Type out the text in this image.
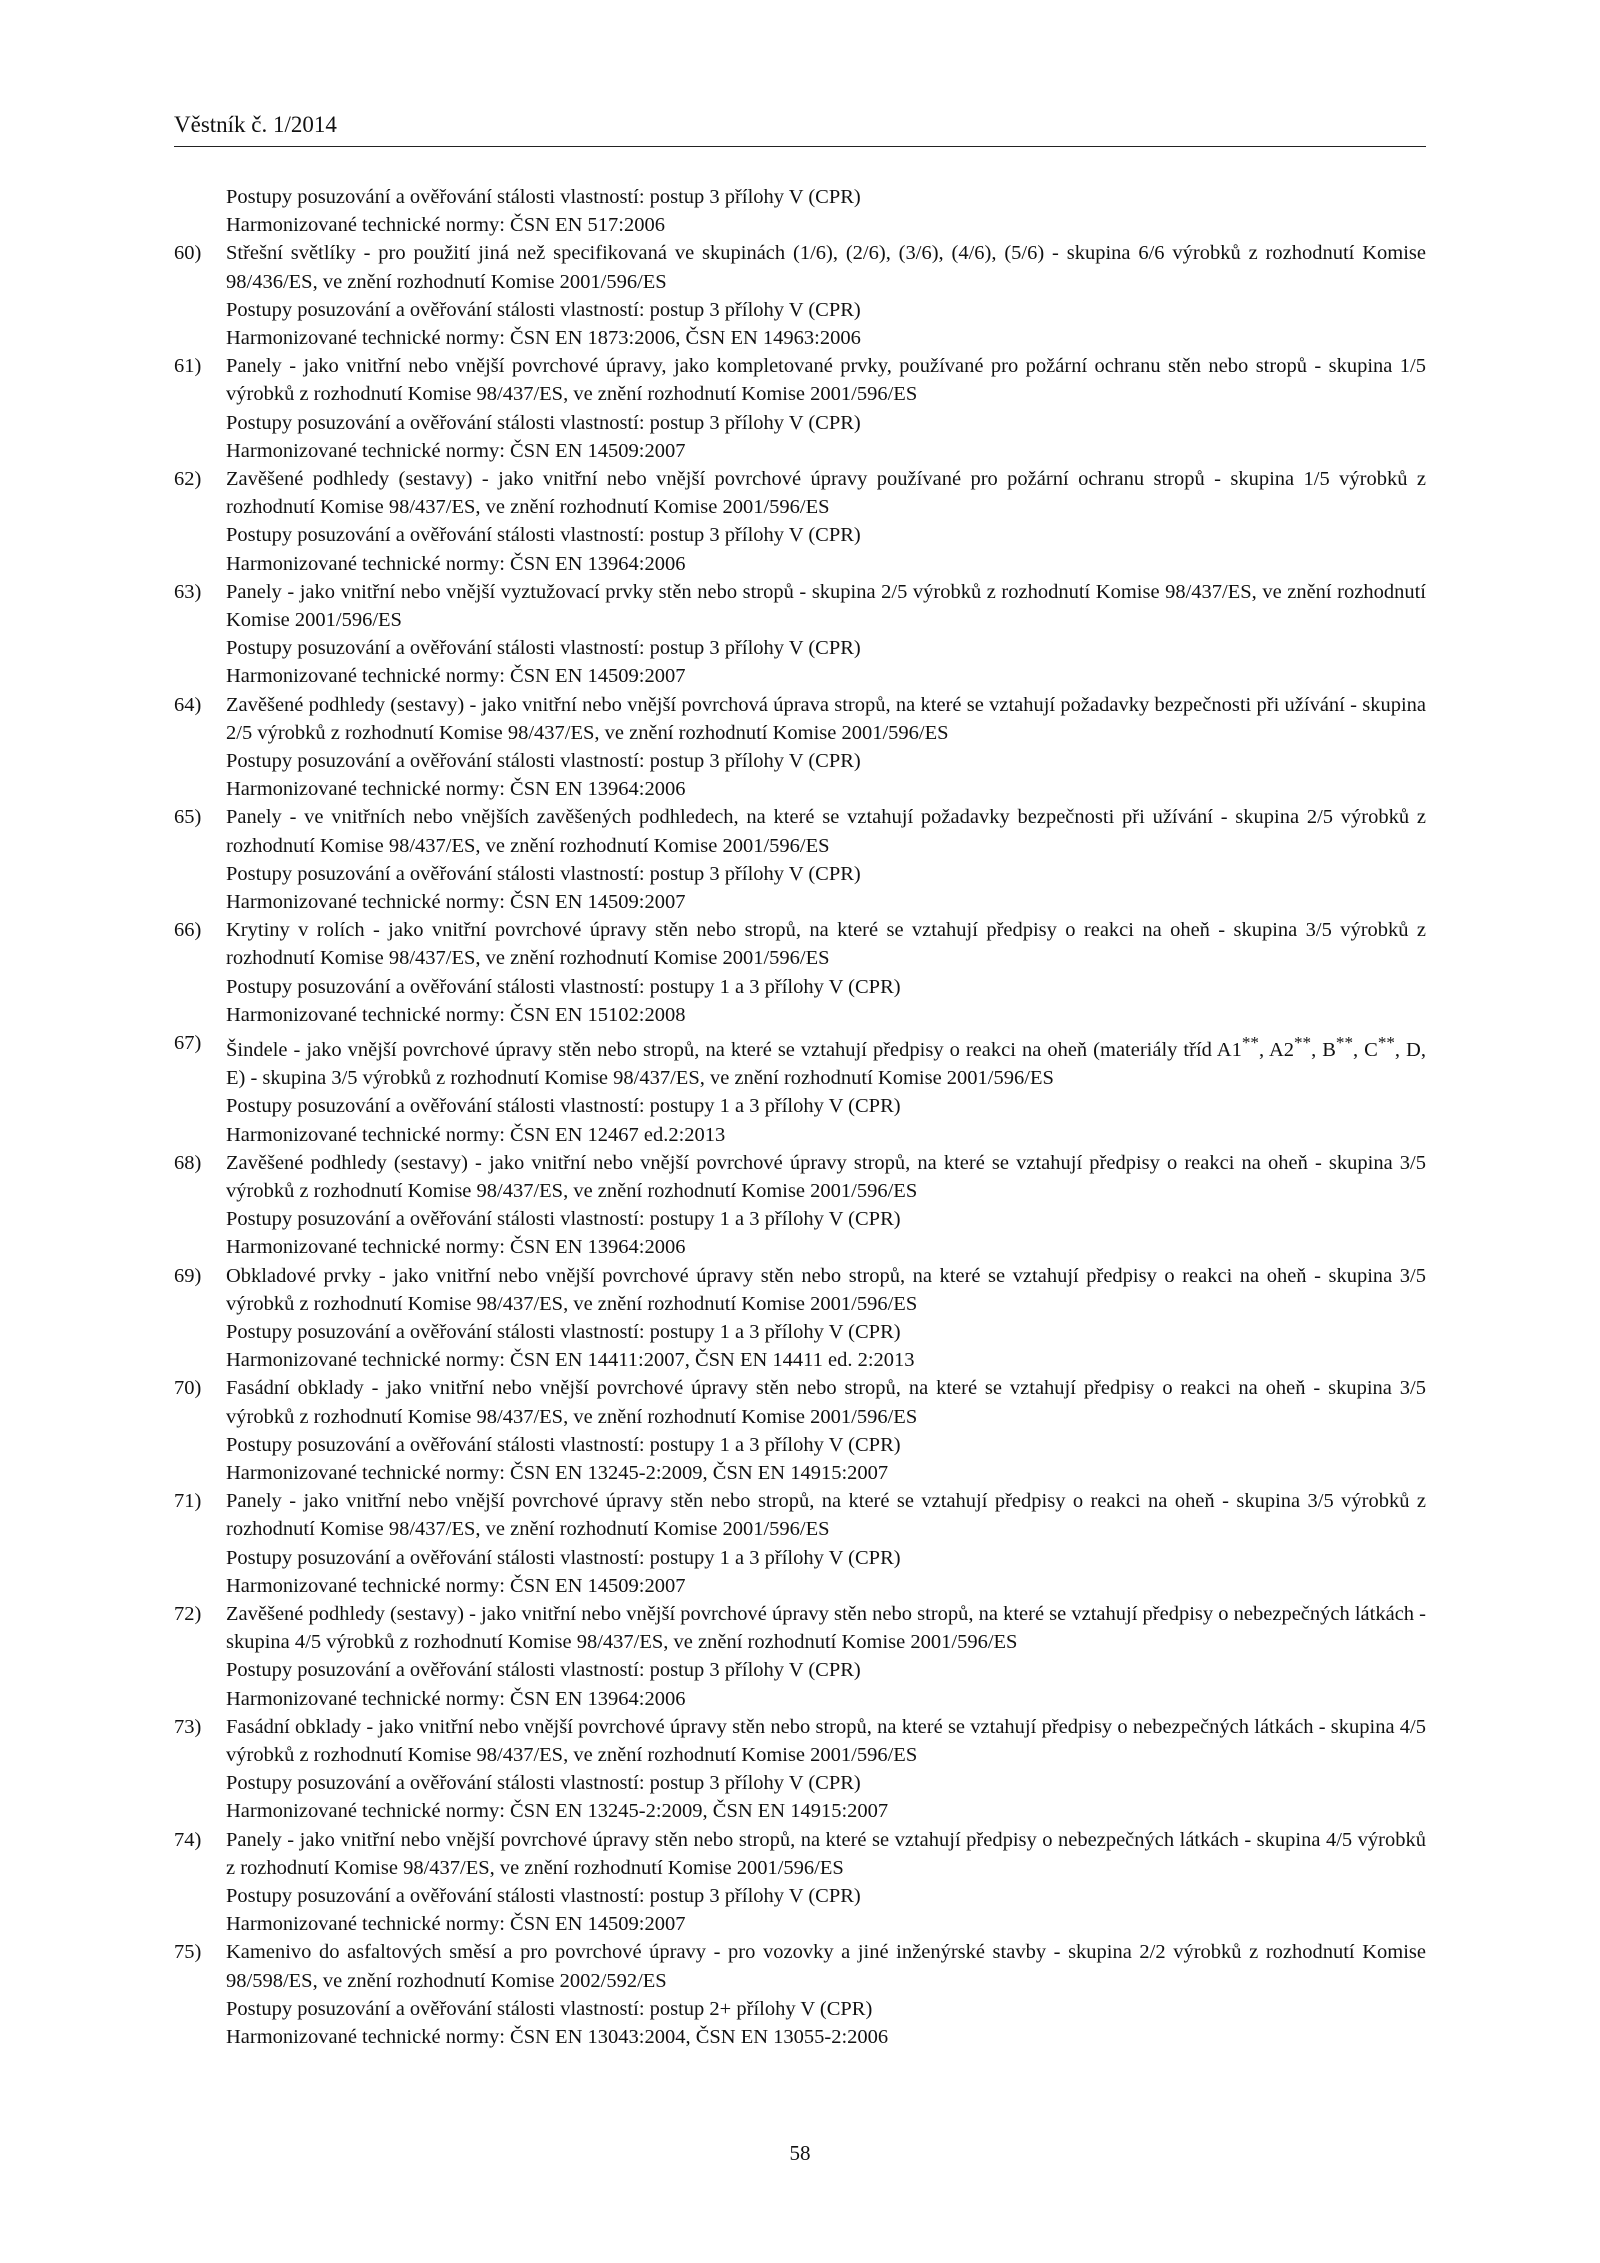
Věstník č. 1/2014
Postupy posuzování a ověřování stálosti vlastností: postup 3 přílohy V (CPR)
Harmonizované technické normy: ČSN EN 517:2006
60) Střešní světlíky - pro použití jiná než specifikovaná ve skupinách (1/6), (2/6), (3/6), (4/6), (5/6) - skupina 6/6 výrobků z rozhodnutí Komise 98/436/ES, ve znění rozhodnutí Komise 2001/596/ES
Postupy posuzování a ověřování stálosti vlastností: postup 3 přílohy V (CPR)
Harmonizované technické normy: ČSN EN 1873:2006, ČSN EN 14963:2006
61) Panely - jako vnitřní nebo vnější povrchové úpravy, jako kompletované prvky, používané pro požární ochranu stěn nebo stropů - skupina 1/5 výrobků z rozhodnutí Komise 98/437/ES, ve znění rozhodnutí Komise 2001/596/ES
Postupy posuzování a ověřování stálosti vlastností: postup 3 přílohy V (CPR)
Harmonizované technické normy: ČSN EN 14509:2007
62) Zavěšené podhledy (sestavy) - jako vnitřní nebo vnější povrchové úpravy používané pro požární ochranu stropů - skupina 1/5 výrobků z rozhodnutí Komise 98/437/ES, ve znění rozhodnutí Komise 2001/596/ES
Postupy posuzování a ověřování stálosti vlastností: postup 3 přílohy V (CPR)
Harmonizované technické normy: ČSN EN 13964:2006
63) Panely - jako vnitřní nebo vnější vyztužovací prvky stěn nebo stropů - skupina 2/5 výrobků z rozhodnutí Komise 98/437/ES, ve znění rozhodnutí Komise 2001/596/ES
Postupy posuzování a ověřování stálosti vlastností: postup 3 přílohy V (CPR)
Harmonizované technické normy: ČSN EN 14509:2007
64) Zavěšené podhledy (sestavy) - jako vnitřní nebo vnější povrchová úprava stropů, na které se vztahují požadavky bezpečnosti při užívání - skupina 2/5 výrobků z rozhodnutí Komise 98/437/ES, ve znění rozhodnutí Komise 2001/596/ES
Postupy posuzování a ověřování stálosti vlastností: postup 3 přílohy V (CPR)
Harmonizované technické normy: ČSN EN 13964:2006
65) Panely - ve vnitřních nebo vnějších zavěšených podhledech, na které se vztahují požadavky bezpečnosti při užívání - skupina 2/5 výrobků z rozhodnutí Komise 98/437/ES, ve znění rozhodnutí Komise 2001/596/ES
Postupy posuzování a ověřování stálosti vlastností: postup 3 přílohy V (CPR)
Harmonizované technické normy: ČSN EN 14509:2007
66) Krytiny v rolích - jako vnitřní povrchové úpravy stěn nebo stropů, na které se vztahují předpisy o reakci na oheň - skupina 3/5 výrobků z rozhodnutí Komise 98/437/ES, ve znění rozhodnutí Komise 2001/596/ES
Postupy posuzování a ověřování stálosti vlastností: postupy 1 a 3 přílohy V (CPR)
Harmonizované technické normy: ČSN EN 15102:2008
67) Šindele - jako vnější povrchové úpravy stěn nebo stropů, na které se vztahují předpisy o reakci na oheň (materiály tříd A1**, A2**, B**, C**, D, E) - skupina 3/5 výrobků z rozhodnutí Komise 98/437/ES, ve znění rozhodnutí Komise 2001/596/ES
Postupy posuzování a ověřování stálosti vlastností: postupy 1 a 3 přílohy V (CPR)
Harmonizované technické normy: ČSN EN 12467 ed.2:2013
68) Zavěšené podhledy (sestavy) - jako vnitřní nebo vnější povrchové úpravy stropů, na které se vztahují předpisy o reakci na oheň - skupina 3/5 výrobků z rozhodnutí Komise 98/437/ES, ve znění rozhodnutí Komise 2001/596/ES
Postupy posuzování a ověřování stálosti vlastností: postupy 1 a 3 přílohy V (CPR)
Harmonizované technické normy: ČSN EN 13964:2006
69) Obkladové prvky - jako vnitřní nebo vnější povrchové úpravy stěn nebo stropů, na které se vztahují předpisy o reakci na oheň - skupina 3/5 výrobků z rozhodnutí Komise 98/437/ES, ve znění rozhodnutí Komise 2001/596/ES
Postupy posuzování a ověřování stálosti vlastností: postupy 1 a 3 přílohy V (CPR)
Harmonizované technické normy: ČSN EN 14411:2007, ČSN EN 14411 ed. 2:2013
70) Fasádní obklady - jako vnitřní nebo vnější povrchové úpravy stěn nebo stropů, na které se vztahují předpisy o reakci na oheň - skupina 3/5 výrobků z rozhodnutí Komise 98/437/ES, ve znění rozhodnutí Komise 2001/596/ES
Postupy posuzování a ověřování stálosti vlastností: postupy 1 a 3 přílohy V (CPR)
Harmonizované technické normy: ČSN EN 13245-2:2009, ČSN EN 14915:2007
71) Panely - jako vnitřní nebo vnější povrchové úpravy stěn nebo stropů, na které se vztahují předpisy o reakci na oheň - skupina 3/5 výrobků z rozhodnutí Komise 98/437/ES, ve znění rozhodnutí Komise 2001/596/ES
Postupy posuzování a ověřování stálosti vlastností: postupy 1 a 3 přílohy V (CPR)
Harmonizované technické normy: ČSN EN 14509:2007
72) Zavěšené podhledy (sestavy) - jako vnitřní nebo vnější povrchové úpravy stěn nebo stropů, na které se vztahují předpisy o nebezpečných látkách - skupina 4/5 výrobků z rozhodnutí Komise 98/437/ES, ve znění rozhodnutí Komise 2001/596/ES
Postupy posuzování a ověřování stálosti vlastností: postup 3 přílohy V (CPR)
Harmonizované technické normy: ČSN EN 13964:2006
73) Fasádní obklady - jako vnitřní nebo vnější povrchové úpravy stěn nebo stropů, na které se vztahují předpisy o nebezpečných látkách - skupina 4/5 výrobků z rozhodnutí Komise 98/437/ES, ve znění rozhodnutí Komise 2001/596/ES
Postupy posuzování a ověřování stálosti vlastností: postup 3 přílohy V (CPR)
Harmonizované technické normy: ČSN EN 13245-2:2009, ČSN EN 14915:2007
74) Panely - jako vnitřní nebo vnější povrchové úpravy stěn nebo stropů, na které se vztahují předpisy o nebezpečných látkách - skupina 4/5 výrobků z rozhodnutí Komise 98/437/ES, ve znění rozhodnutí Komise 2001/596/ES
Postupy posuzování a ověřování stálosti vlastností: postup 3 přílohy V (CPR)
Harmonizované technické normy: ČSN EN 14509:2007
75) Kamenivo do asfaltových směsí a pro povrchové úpravy - pro vozovky a jiné inženýrské stavby - skupina 2/2 výrobků z rozhodnutí Komise 98/598/ES, ve znění rozhodnutí Komise 2002/592/ES
Postupy posuzování a ověřování stálosti vlastností: postup 2+ přílohy V (CPR)
Harmonizované technické normy: ČSN EN 13043:2004, ČSN EN 13055-2:2006
58
